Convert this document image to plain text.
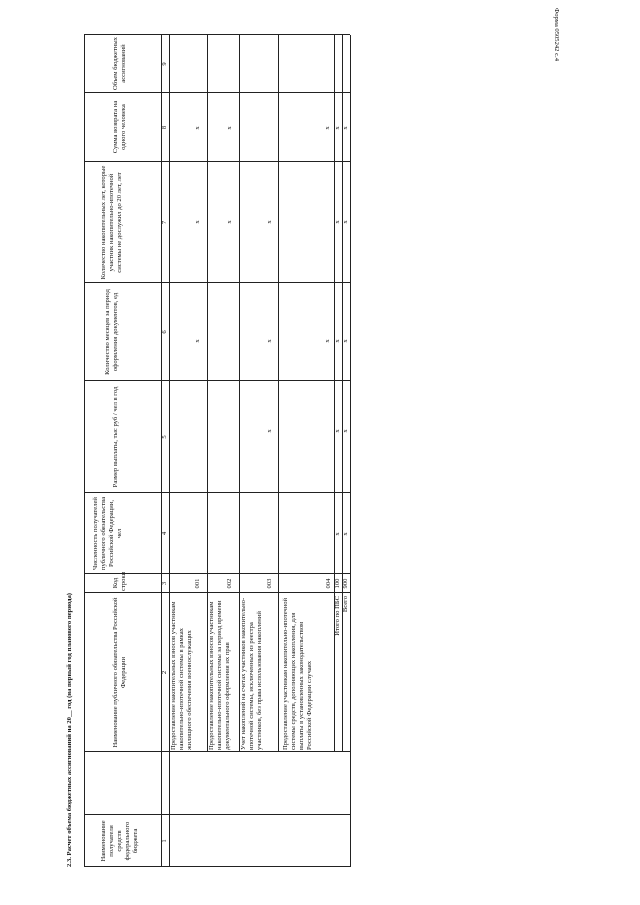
Форма 0505242 с.4
2.3. Расчет объема бюджетных ассигнований на 20__ год (на первый год планового периода)	Наименование получателя средств федерального бюджета
Наименование публичного обязательства Российской Федерации
Код строки
Численность получателей публичного обязательства Российской Федерации, чел
Размер выплаты, тыс руб / чел в год
Количество месяцев за период оформления документов, ед
Количество накопительных лет, которые участник накопительно-ипотечной системы не дослужил до 20 лет, лет
Сумма возврата на одного человека
Объем бюджетных ассигнований
1
2
3
4
5
6
7
8
9
Предоставление накопительных взносов участникам накопительно-ипотечной системы в рамках жилищного обеспечения военнослужащих
001
x
x
x
Предоставление накопительных взносов участникам накопительно-ипотечной системы за период времени документального оформления их прав
002
x
x
Учет накоплений на счетах участников накопительно-ипотечной системы, исключенных из реестра участников, без права использования накоплений
003
x
x
x
Предоставление участникам накопительно-ипотечной системы средств, дополняющих накопления, для выплаты в установленных законодательством Российской Федерации случаях
004
x
x
Итого по ПБС
100
x
x
x
x
x
Всего
900
x
x
x
x
x
